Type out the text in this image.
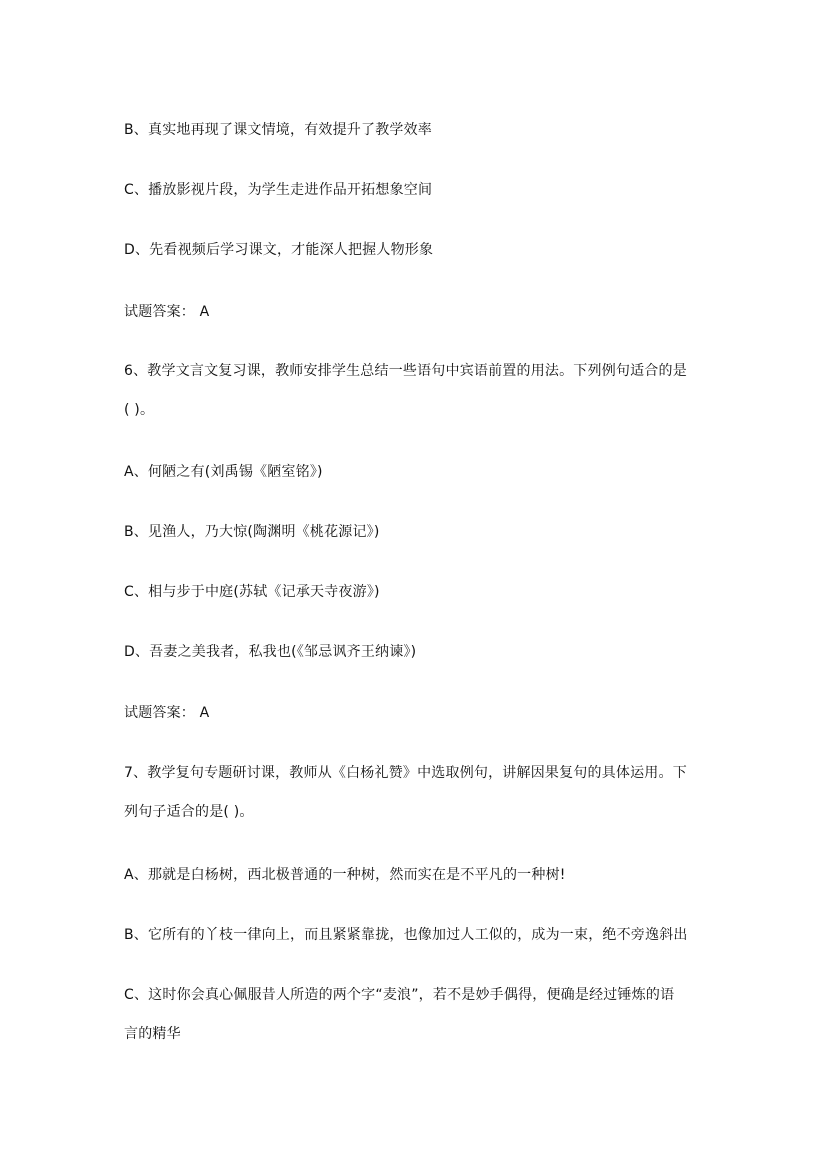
B、真实地再现了课文情境，有效提升了教学效率
C、播放影视片段，为学生走进作品开拓想象空间
D、先看视频后学习课文，才能深人把握人物形象
试题答案： A
6、教学文言文复习课，教师安排学生总结一些语句中宾语前置的用法。下列例句适合的是
( )。
A、何陋之有(刘禹锡《陋室铭》)
B、见渔人，乃大惊(陶渊明《桃花源记》)
C、相与步于中庭(苏轼《记承天寺夜游》)
D、吾妻之美我者，私我也(《邹忌讽齐王纳谏》)
试题答案： A
7、教学复句专题研讨课，教师从《白杨礼赞》中选取例句，讲解因果复句的具体运用。下
列句子适合的是( )。
A、那就是白杨树，西北极普通的一种树，然而实在是不平凡的一种树!
B、它所有的丫枝一律向上，而且紧紧靠拢，也像加过人工似的，成为一束，绝不旁逸斜出
C、这时你会真心佩服昔人所造的两个字“麦浪”，若不是妙手偶得，便确是经过锤炼的语
言的精华
